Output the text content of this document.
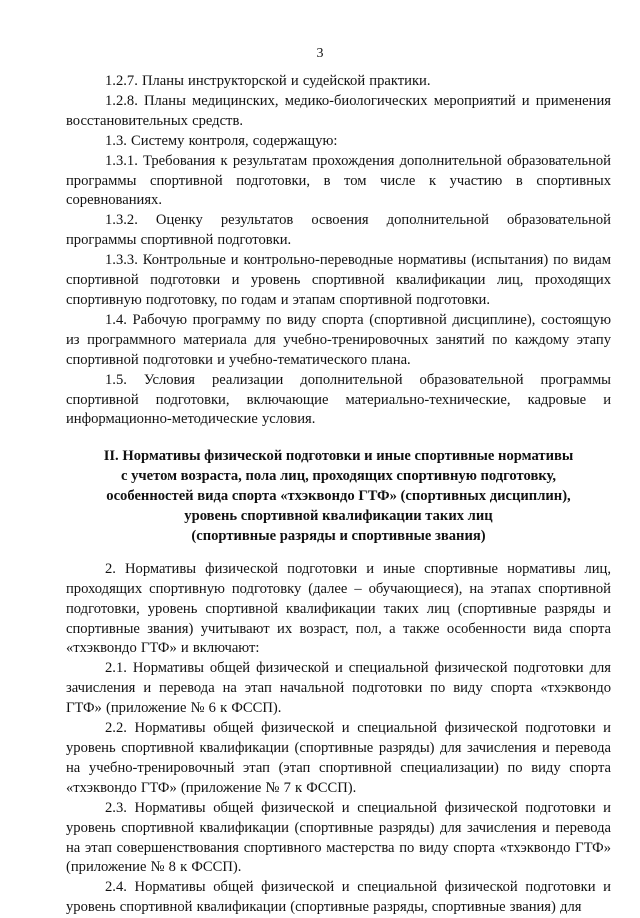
3

1.2.7. Планы инструкторской и судейской практики.

1.2.8. Планы медицинских, медико-биологических мероприятий и применения восстановительных средств.

1.3. Систему контроля, содержащую:

1.3.1. Требования к результатам прохождения дополнительной образовательной программы спортивной подготовки, в том числе к участию в спортивных соревнованиях.

1.3.2. Оценку результатов освоения дополнительной образовательной программы спортивной подготовки.

1.3.3. Контрольные и контрольно-переводные нормативы (испытания) по видам спортивной подготовки и уровень спортивной квалификации лиц, проходящих спортивную подготовку, по годам и этапам спортивной подготовки.

1.4. Рабочую программу по виду спорта (спортивной дисциплине), состоящую из программного материала для учебно-тренировочных занятий по каждому этапу спортивной подготовки и учебно-тематического плана.

1.5. Условия реализации дополнительной образовательной программы спортивной подготовки, включающие материально-технические, кадровые и информационно-методические условия.

II. Нормативы физической подготовки и иные спортивные нормативы

с учетом возраста, пола лиц, проходящих спортивную подготовку,

особенностей вида спорта «тхэквондо ГТФ» (спортивных дисциплин),

уровень спортивной квалификации таких лиц

(спортивные разряды и спортивные звания)

2. Нормативы физической подготовки и иные спортивные нормативы лиц, проходящих спортивную подготовку (далее – обучающиеся), на этапах спортивной подготовки, уровень спортивной квалификации таких лиц (спортивные разряды и спортивные звания) учитывают их возраст, пол, а также особенности вида спорта «тхэквондо ГТФ» и включают:

2.1. Нормативы общей физической и специальной физической подготовки для зачисления и перевода на этап начальной подготовки по виду спорта «тхэквондо ГТФ» (приложение № 6 к ФССП).

2.2. Нормативы общей физической и специальной физической подготовки и уровень спортивной квалификации (спортивные разряды) для зачисления и перевода на учебно-тренировочный этап (этап спортивной специализации) по виду спорта «тхэквондо ГТФ» (приложение № 7 к ФССП).

2.3. Нормативы общей физической и специальной физической подготовки и уровень спортивной квалификации (спортивные разряды) для зачисления и перевода на этап совершенствования спортивного мастерства по виду спорта «тхэквондо ГТФ» (приложение № 8 к ФССП).

2.4. Нормативы общей физической и специальной физической подготовки и уровень спортивной квалификации (спортивные разряды, спортивные звания) для
